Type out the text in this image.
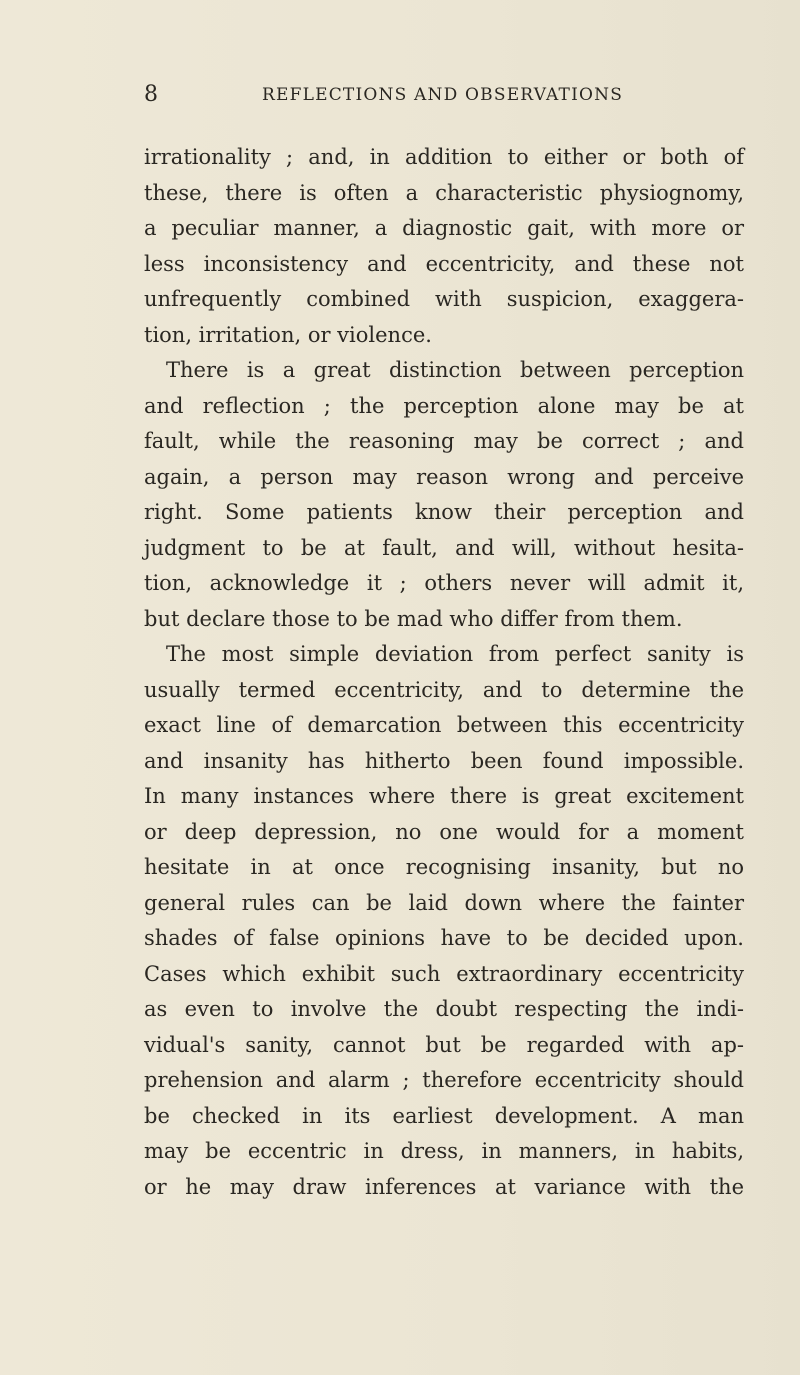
8	REFLECTIONS AND OBSERVATIONS
irrationality ; and, in addition to either or both of
these, there is often a characteristic physiognomy,
a peculiar manner, a diagnostic gait, with more or
less inconsistency and eccentricity, and these not
unfrequently combined with suspicion, exaggera-
tion, irritation, or violence.
There is a great distinction between perception
and reflection ; the perception alone may be at
fault, while the reasoning may be correct ; and
again, a person may reason wrong and perceive
right. Some patients know their perception and
judgment to be at fault, and will, without hesita-
tion, acknowledge it ; others never will admit it,
but declare those to be mad who differ from them.
The most simple deviation from perfect sanity is
usually termed eccentricity, and to determine the
exact line of demarcation between this eccentricity
and insanity has hitherto been found impossible.
In many instances where there is great excitement
or deep depression, no one would for a moment
hesitate in at once recognising insanity, but no
general rules can be laid down where the fainter
shades of false opinions have to be decided upon.
Cases which exhibit such extraordinary eccentricity
as even to involve the doubt respecting the indi-
vidual's sanity, cannot but be regarded with ap-
prehension and alarm ; therefore eccentricity should
be checked in its earliest development. A man
may be eccentric in dress, in manners, in habits,
or he may draw inferences at variance with the
